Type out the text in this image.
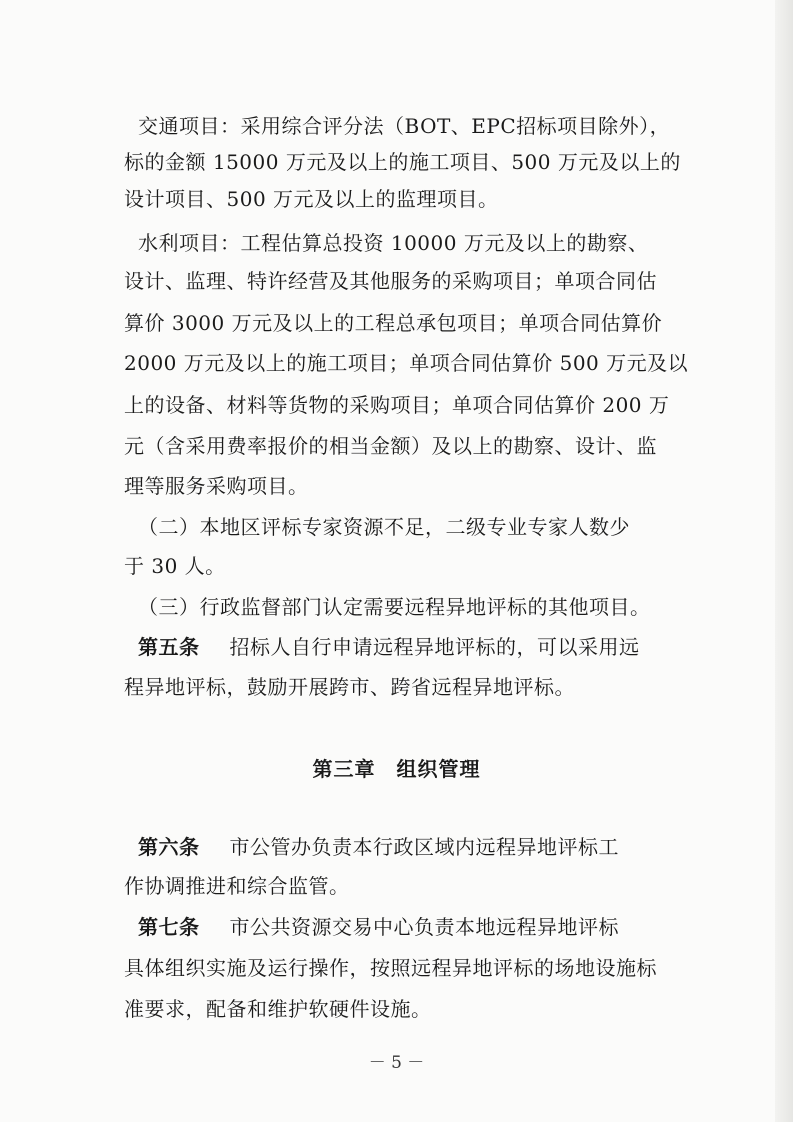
交通项目：采用综合评分法（BOT、EPC招标项目除外），
标的金额 15000 万元及以上的施工项目、500 万元及以上的
设计项目、500 万元及以上的监理项目。
水利项目：工程估算总投资 10000 万元及以上的勘察、
设计、监理、特许经营及其他服务的采购项目；单项合同估
算价 3000 万元及以上的工程总承包项目；单项合同估算价
2000 万元及以上的施工项目；单项合同估算价 500 万元及以
上的设备、材料等货物的采购项目；单项合同估算价 200 万
元（含采用费率报价的相当金额）及以上的勘察、设计、监
理等服务采购项目。
（二）本地区评标专家资源不足，二级专业专家人数少
于 30 人。
（三）行政监督部门认定需要远程异地评标的其他项目。
第五条 招标人自行申请远程异地评标的，可以采用远
程异地评标，鼓励开展跨市、跨省远程异地评标。
第三章　组织管理
第六条 市公管办负责本行政区域内远程异地评标工
作协调推进和综合监管。
第七条 市公共资源交易中心负责本地远程异地评标
具体组织实施及运行操作，按照远程异地评标的场地设施标
准要求，配备和维护软硬件设施。
－ 5 －
